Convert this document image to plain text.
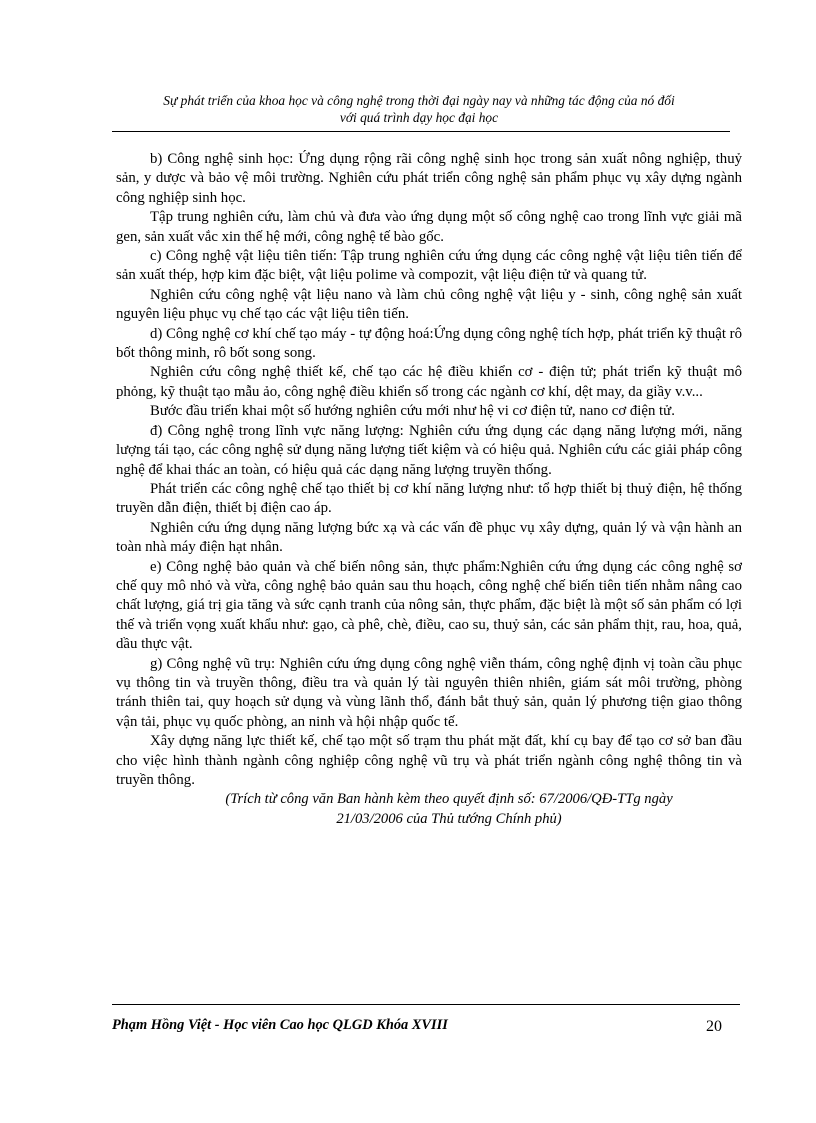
Sự phát triển của khoa học và công nghệ trong thời đại ngày nay và những tác động của nó đối
với quá trình dạy học đại học

b) Công nghệ sinh học: Ứng dụng rộng rãi công nghệ sinh học trong sản xuất nông nghiệp, thuỷ sản, y dược và bảo vệ môi trường. Nghiên cứu phát triển công nghệ sản phẩm phục vụ xây dựng ngành công nghiệp sinh học.

Tập trung nghiên cứu, làm chủ và đưa vào ứng dụng một số công nghệ cao trong lĩnh vực giải mã gen, sản xuất vắc xin thế hệ mới, công nghệ tế bào gốc.

c) Công nghệ vật liệu tiên tiến: Tập trung nghiên cứu ứng dụng các công nghệ vật liệu tiên tiến để sản xuất thép, hợp kim đặc biệt, vật liệu polime và compozit, vật liệu điện tử và quang tử.

Nghiên cứu công nghệ vật liệu nano và làm chủ công nghệ vật liệu y - sinh, công nghệ sản xuất nguyên liệu phục vụ chế tạo các vật liệu tiên tiến.

d) Công nghệ cơ khí chế tạo máy - tự động hoá:Ứng dụng công nghệ tích hợp, phát triển kỹ thuật rô bốt thông minh, rô bốt song song.

Nghiên cứu công nghệ thiết kế, chế tạo các hệ điều khiển cơ - điện tử; phát triển kỹ thuật mô phỏng, kỹ thuật tạo mẫu ảo, công nghệ điều khiển số trong các ngành cơ khí, dệt may, da giầy v.v...

Bước đầu triển khai một số hướng nghiên cứu mới như hệ vi cơ điện tử, nano cơ điện tử.

đ) Công nghệ trong lĩnh vực năng lượng: Nghiên cứu ứng dụng các dạng năng lượng mới, năng lượng tái tạo, các công nghệ sử dụng năng lượng tiết kiệm và có hiệu quả. Nghiên cứu các giải pháp công nghệ để khai thác an toàn, có hiệu quả các dạng năng lượng truyền thống.

Phát triển các công nghệ chế tạo thiết bị cơ khí năng lượng như: tổ hợp thiết bị thuỷ điện, hệ thống truyền dẫn điện, thiết bị điện cao áp.

Nghiên cứu ứng dụng năng lượng bức xạ và các vấn đề phục vụ xây dựng, quản lý và vận hành an toàn nhà máy điện hạt nhân.

e) Công nghệ bảo quản và chế biến nông sản, thực phẩm:Nghiên cứu ứng dụng các công nghệ sơ chế quy mô nhỏ và vừa, công nghệ bảo quản sau thu hoạch, công nghệ chế biến tiên tiến nhằm nâng cao chất lượng, giá trị gia tăng và sức cạnh tranh của nông sản, thực phẩm, đặc biệt là một số sản phẩm có lợi thế và triển vọng xuất khẩu như: gạo, cà phê, chè, điều, cao su, thuỷ sản, các sản phẩm thịt, rau, hoa, quả, dầu thực vật.

g) Công nghệ vũ trụ: Nghiên cứu ứng dụng công nghệ viễn thám, công nghệ định vị toàn cầu phục vụ thông tin và truyền thông, điều tra và quản lý tài nguyên thiên nhiên, giám sát môi trường, phòng tránh thiên tai, quy hoạch sử dụng và vùng lãnh thổ, đánh bắt thuỷ sản, quản lý phương tiện giao thông vận tải, phục vụ quốc phòng, an ninh và hội nhập quốc tế.

Xây dựng năng lực thiết kế, chế tạo một số trạm thu phát mặt đất, khí cụ bay để tạo cơ sở ban đầu cho việc hình thành ngành công nghiệp công nghệ vũ trụ và phát triển ngành công nghệ thông tin và truyền thông.

(Trích từ công văn Ban hành kèm theo quyết định số: 67/2006/QĐ-TTg ngày
21/03/2006 của Thủ tướng Chính phủ)
Phạm Hồng Việt - Học viên Cao học QLGD Khóa XVIII	20
